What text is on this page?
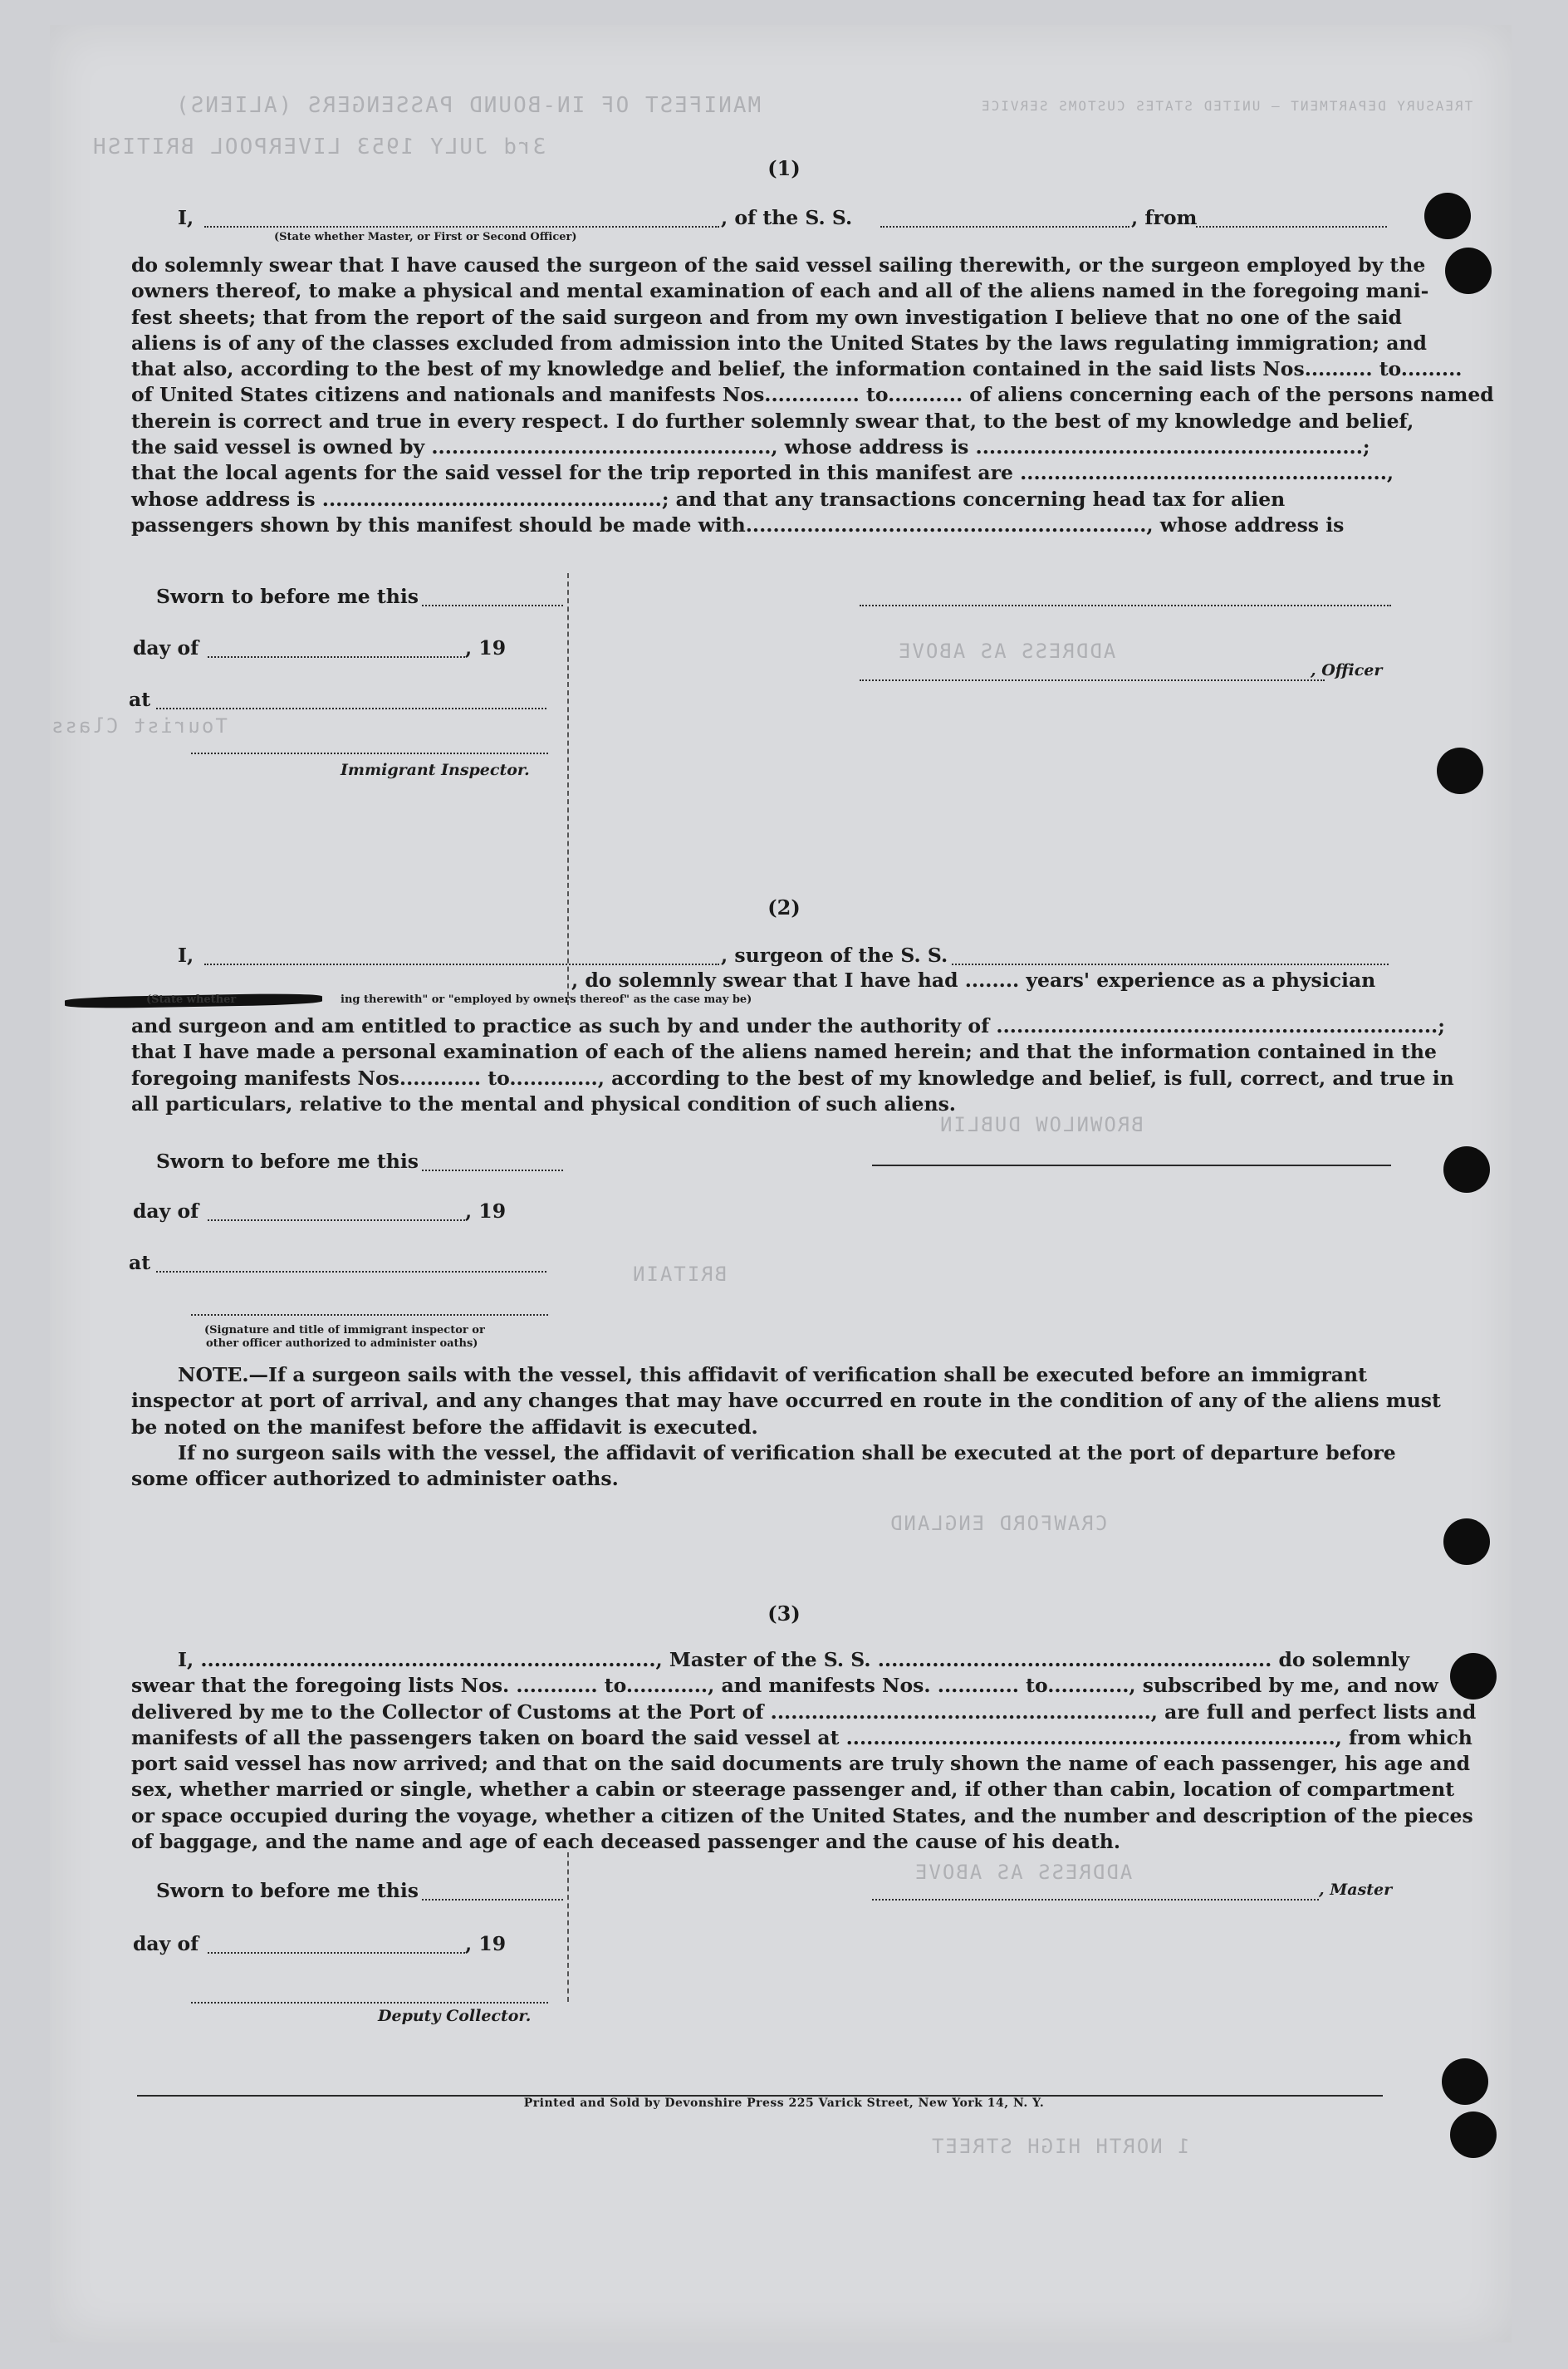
MANIFEST OF IN-BOUND PASSENGERS (ALIENS)
3rd JULY 1953 LIVERPOOL BRITISH
TREASURY DEPARTMENT — UNITED STATES CUSTOMS SERVICE
ADDRESS AS ABOVE
BROWNLOW DUBLIN
BRITAIN
CRAWFORD ENGLAND
1 NORTH HIGH STREET
Tourist Class
ADDRESS AS ABOVE
(1)
I,	, of the S. S.	, from
(State whether Master, or First or Second Officer)
do solemnly swear that I have caused the surgeon of the said vessel sailing therewith, or the surgeon employed by the
owners thereof, to make a physical and mental examination of each and all of the aliens named in the foregoing mani-
fest sheets; that from the report of the said surgeon and from my own investigation I believe that no one of the said
aliens is of any of the classes excluded from admission into the United States by the laws regulating immigration; and
that also, according to the best of my knowledge and belief, the information contained in the said lists Nos.......... to.........
of United States citizens and nationals and manifests Nos.............. to........... of aliens concerning each of the persons named
therein is correct and true in every respect. I do further solemnly swear that, to the best of my knowledge and belief,
the said vessel is owned by .................................................., whose address is .........................................................;
that the local agents for the said vessel for the trip reported in this manifest are ......................................................,
whose address is ..................................................; and that any transactions concerning head tax for alien
passengers shown by this manifest should be made with..........................................................., whose address is
Sworn to before me this
day of	, 19
at
, Officer
Immigrant Inspector.
(2)
I,	, surgeon of the S. S.
(State whether	ing therewith" or "employed by owners thereof" as the case may be)
, do solemnly swear that I have had ........ years' experience as a physician
and surgeon and am entitled to practice as such by and under the authority of .................................................................;
that I have made a personal examination of each of the aliens named herein; and that the information contained in the
foregoing manifests Nos............ to............., according to the best of my knowledge and belief, is full, correct, and true in
all particulars, relative to the mental and physical condition of such aliens.
Sworn to before me this
day of	, 19
at
(Signature and title of immigrant inspector or
other officer authorized to administer oaths)
NOTE.—If a surgeon sails with the vessel, this affidavit of verification shall be executed before an immigrant
inspector at port of arrival, and any changes that may have occurred en route in the condition of any of the aliens must
be noted on the manifest before the affidavit is executed.
If no surgeon sails with the vessel, the affidavit of verification shall be executed at the port of departure before
some officer authorized to administer oaths.
(3)
I, ..................................................................., Master of the S. S. .......................................................... do solemnly
swear that the foregoing lists Nos. ............ to............, and manifests Nos. ............ to............, subscribed by me, and now
delivered by me to the Collector of Customs at the Port of ........................................................, are full and perfect lists and
manifests of all the passengers taken on board the said vessel at ........................................................................, from which
port said vessel has now arrived; and that on the said documents are truly shown the name of each passenger, his age and
sex, whether married or single, whether a cabin or steerage passenger and, if other than cabin, location of compartment
or space occupied during the voyage, whether a citizen of the United States, and the number and description of the pieces
of baggage, and the name and age of each deceased passenger and the cause of his death.
Sworn to before me this	, Master
day of	, 19
Deputy Collector.
Printed and Sold by Devonshire Press 225 Varick Street, New York 14, N. Y.
